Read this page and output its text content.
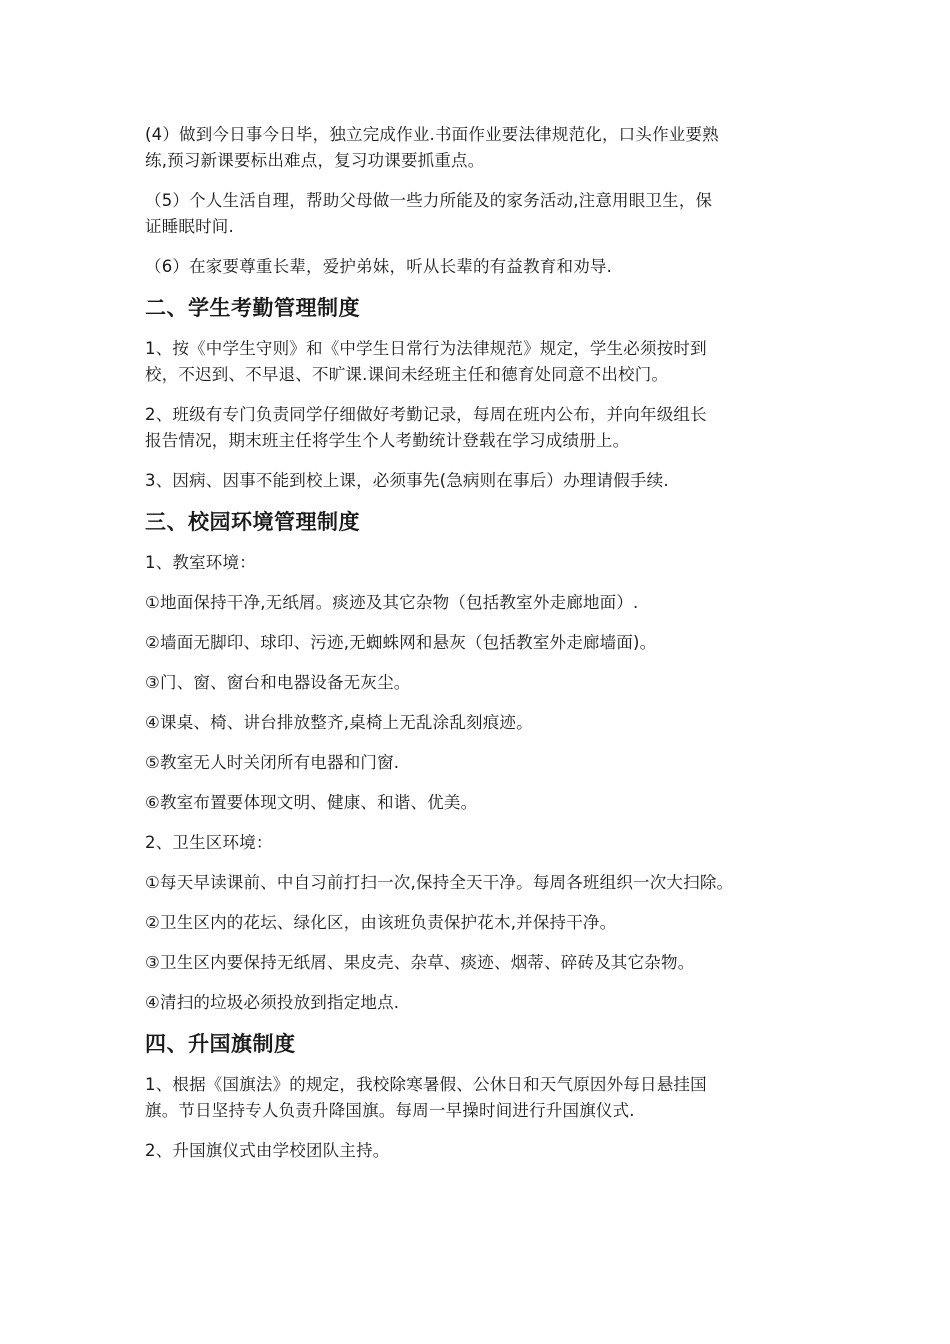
(4）做到今日事今日毕，独立完成作业.书面作业要法律规范化，口头作业要熟

练,预习新课要标出难点，复习功课要抓重点。

（5）个人生活自理，帮助父母做一些力所能及的家务活动,注意用眼卫生，保

证睡眠时间.

（6）在家要尊重长辈，爱护弟妹，听从长辈的有益教育和劝导.

二、学生考勤管理制度

1、按《中学生守则》和《中学生日常行为法律规范》规定，学生必须按时到

校，不迟到、不早退、不旷课.课间未经班主任和德育处同意不出校门。

2、班级有专门负责同学仔细做好考勤记录，每周在班内公布，并向年级组长

报告情况，期末班主任将学生个人考勤统计登载在学习成绩册上。

3、因病、因事不能到校上课，必须事先(急病则在事后）办理请假手续.

三、校园环境管理制度

1、教室环境：

①地面保持干净,无纸屑。痰迹及其它杂物（包括教室外走廊地面）.

②墙面无脚印、球印、污迹,无蜘蛛网和悬灰（包括教室外走廊墙面)。

③门、窗、窗台和电器设备无灰尘。

④课桌、椅、讲台排放整齐,桌椅上无乱涂乱刻痕迹。

⑤教室无人时关闭所有电器和门窗.

⑥教室布置要体现文明、健康、和谐、优美。

2、卫生区环境：

①每天早读课前、中自习前打扫一次,保持全天干净。每周各班组织一次大扫除。

②卫生区内的花坛、绿化区，由该班负责保护花木,并保持干净。

③卫生区内要保持无纸屑、果皮壳、杂草、痰迹、烟蒂、碎砖及其它杂物。

④清扫的垃圾必须投放到指定地点.

四、升国旗制度

1、根据《国旗法》的规定，我校除寒暑假、公休日和天气原因外每日悬挂国

旗。节日坚持专人负责升降国旗。每周一早操时间进行升国旗仪式.

2、升国旗仪式由学校团队主持。
